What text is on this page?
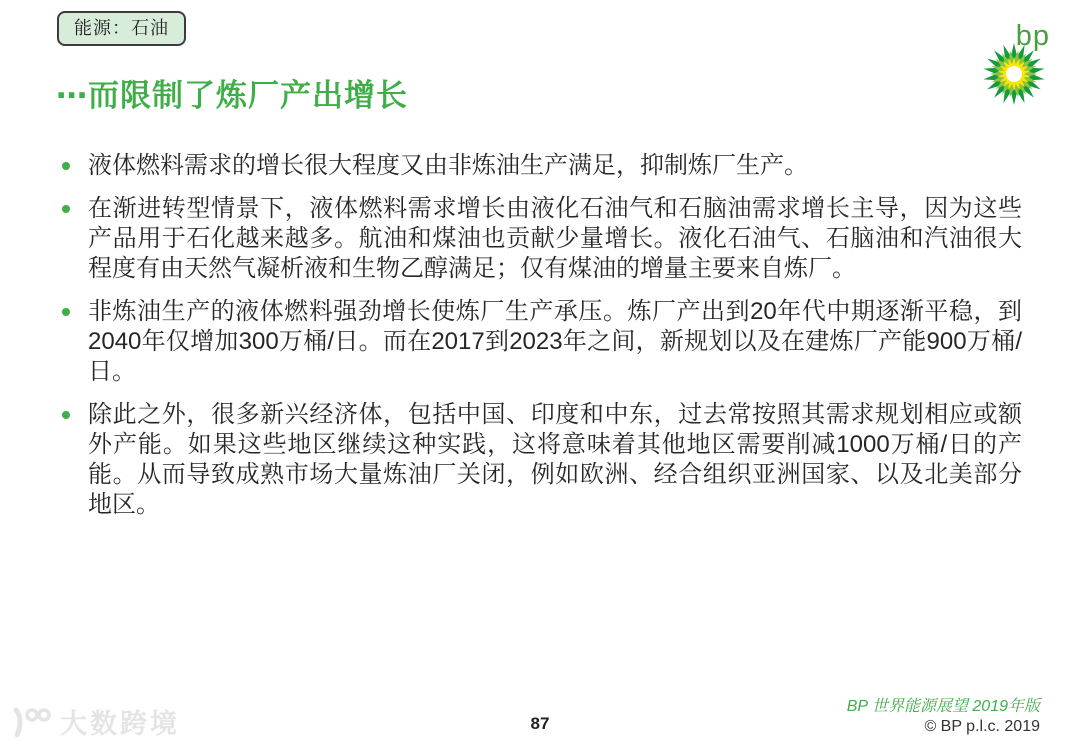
能源：石油	bp
⋯而限制了炼厂产出增长
液体燃料需求的增长很大程度又由非炼油生产满足，抑制炼厂生产。
在渐进转型情景下，液体燃料需求增长由液化石油气和石脑油需求增长主导，因为这些产品用于石化越来越多。航油和煤油也贡献少量增长。液化石油气、石脑油和汽油很大程度有由天然气凝析液和生物乙醇满足；仅有煤油的增量主要来自炼厂。
非炼油生产的液体燃料强劲增长使炼厂生产承压。炼厂产出到20年代中期逐渐平稳，到2040年仅增加300万桶/日。而在2017到2023年之间，新规划以及在建炼厂产能900万桶/日。
除此之外，很多新兴经济体，包括中国、印度和中东，过去常按照其需求规划相应或额外产能。如果这些地区继续这种实践，这将意味着其他地区需要削减1000万桶/日的产能。从而导致成熟市场大量炼油厂关闭，例如欧洲、经合组织亚洲国家、以及北美部分地区。
87
BP 世界能源展望 2019年版
© BP p.l.c. 2019
大数跨境
